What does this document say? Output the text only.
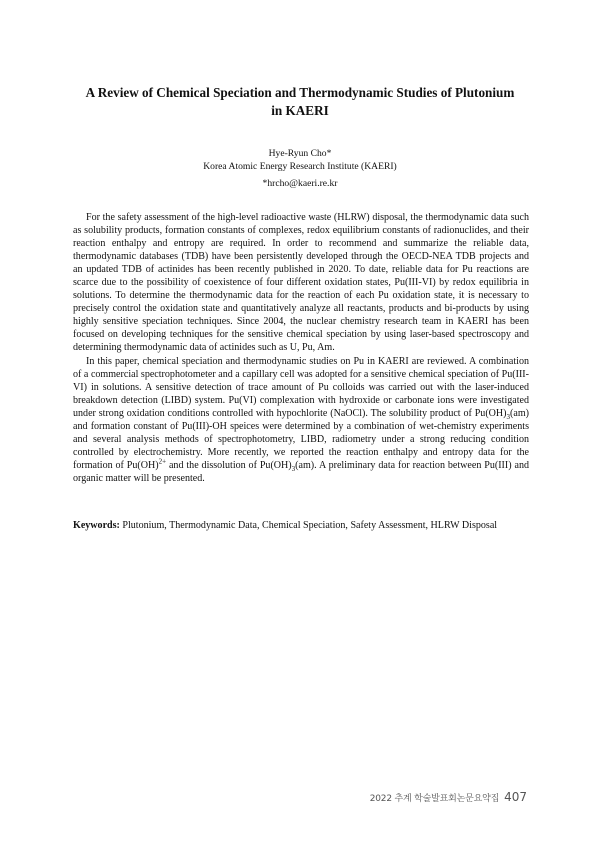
A Review of Chemical Speciation and Thermodynamic Studies of Plutonium
in KAERI
Hye-Ryun Cho*
Korea Atomic Energy Research Institute (KAERI)
*hrcho@kaeri.re.kr

For the safety assessment of the high-level radioactive waste (HLRW) disposal, the thermodynamic data such as solubility products, formation constants of complexes, redox equilibrium constants of radionuclides, and their reaction enthalpy and entropy are required. In order to recommend and summarize the reliable data, thermodynamic databases (TDB) have been persistently developed through the OECD-NEA TDB projects and an updated TDB of actinides has been recently published in 2020. To date, reliable data for Pu reactions are scarce due to the possibility of coexistence of four different oxidation states, Pu(III-VI) by redox equilibria in solutions. To determine the thermodynamic data for the reaction of each Pu oxidation state, it is necessary to precisely control the oxidation state and quantitatively analyze all reactants, products and bi-products by using highly sensitive speciation techniques. Since 2004, the nuclear chemistry research team in KAERI has been focused on developing techniques for the sensitive chemical speciation by using laser-based spectroscopy and determining thermodynamic data of actinides such as U, Pu, Am.

In this paper, chemical speciation and thermodynamic studies on Pu in KAERI are reviewed. A combination of a commercial spectrophotometer and a capillary cell was adopted for a sensitive chemical speciation of Pu(III-VI) in solutions. A sensitive detection of trace amount of Pu colloids was carried out with the laser-induced breakdown detection (LIBD) system. Pu(VI) complexation with hydroxide or carbonate ions were investigated under strong oxidation conditions controlled with hypochlorite (NaOCl). The solubility product of $Pu(OH)_3(am)$ and formation constant of Pu(III)-OH speices were determined by a combination of wet-chemistry experiments and several analysis methods of spectrophotometry, LIBD, radiometry under a strong reducing condition controlled by electrochemistry. More recently, we reported the reaction enthalpy and entropy data for the formation of Pu(OH)$^{2+}$ and the dissolution of $Pu(OH)_3(am)$. A preliminary data for reaction between Pu(III) and organic matter will be presented.

Keywords: Plutonium, Thermodynamic Data, Chemical Speciation, Safety Assessment, HLRW Disposal
2022 추계 학술발표회논문요약집 407
